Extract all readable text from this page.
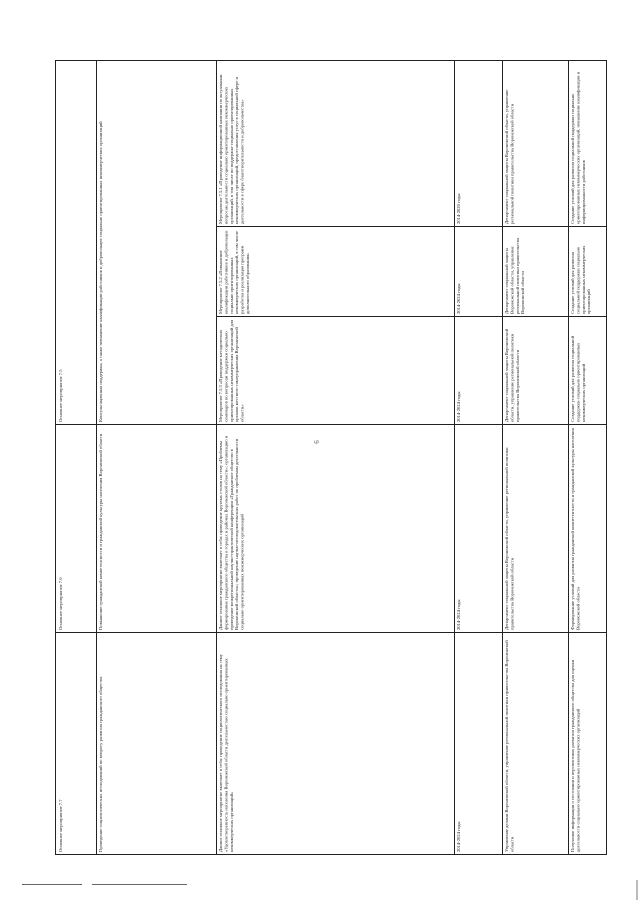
6
Основное мероприятие 7.5	Консультационная поддержка, а также повышение квалификации работников и добровольцев социально ориентированных некоммерческих организаций	Мероприятие 7.5.1 «Проведение информационной кампании по актуальным вопросам деятельности социально ориентированных некоммерческих организаций, в том числе по поддержке социально ориентированных некоммерческих организаций, предоставления услуг в социальной сфере и деятельности в сфере благотворительности и добровольчества»	2014-2020 годы	Департамент социальной защиты Воронежской области, управление региональной политики правительства Воронежской области	Создание условий для развития социальной поддержки социально ориентированных некоммерческих организаций, повышение квалификации и информированности работников
Мероприятие 7.5.2 «Повышение квалификации работников и добровольцев социально ориентированных некоммерческих организаций, в том числе разработка и реализация программ дополнительного образования»	2014-2024 годы	Департамент социальной защиты Воронежской области, управление региональной политики правительства Воронежской области	Создание условий для развития социальной поддержки социально ориентированных некоммерческих организаций
Мероприятие 7.5.3 «Проведение методических семинаров по вопросам поддержки социально ориентированных некоммерческих организаций для органов местного самоуправления Воронежской области»	2014-2024 годы	Департамент социальной защиты Воронежской области, управление региональной политики правительства Воронежской области	Создание условий для развития социальной поддержки социально ориентированных некоммерческих организаций
Основное мероприятие 7.6	Повышение гражданской компетентности и гражданской культуры населения Воронежской области	Данное основное мероприятие включает в себя: проведение круглых столов на тему «Проблемы формирования гражданского общества в городах и районах Воронежской области»; организацию и проведение межрегиональной научно-практической конференции «Гражданское общество в Воронежской области»; проведение научно-исследовательских работ по проблемам деятельности социально ориентированных некоммерческих организаций	2014-2024 годы	Департамент социальной защиты Воронежской области, управление региональной политики правительства Воронежской области	Формирование условий для развития гражданской компетентности и гражданской культуры населения Воронежской области
Основное мероприятие 7.7	Проведение социологических исследований по вопросу развития гражданского общества	Данное основное мероприятие включает в себя: проведение социологического исследования на тему «Удовлетворенность населения Воронежской области деятельностью социально ориентированных некоммерческих организаций»	2014-2024 годы	Управление делами Воронежской области, управление региональной политики правительства Воронежской области	Получение информации о состоянии и перспективах развития гражданского общества для оценки деятельности социально ориентированных некоммерческих организаций
